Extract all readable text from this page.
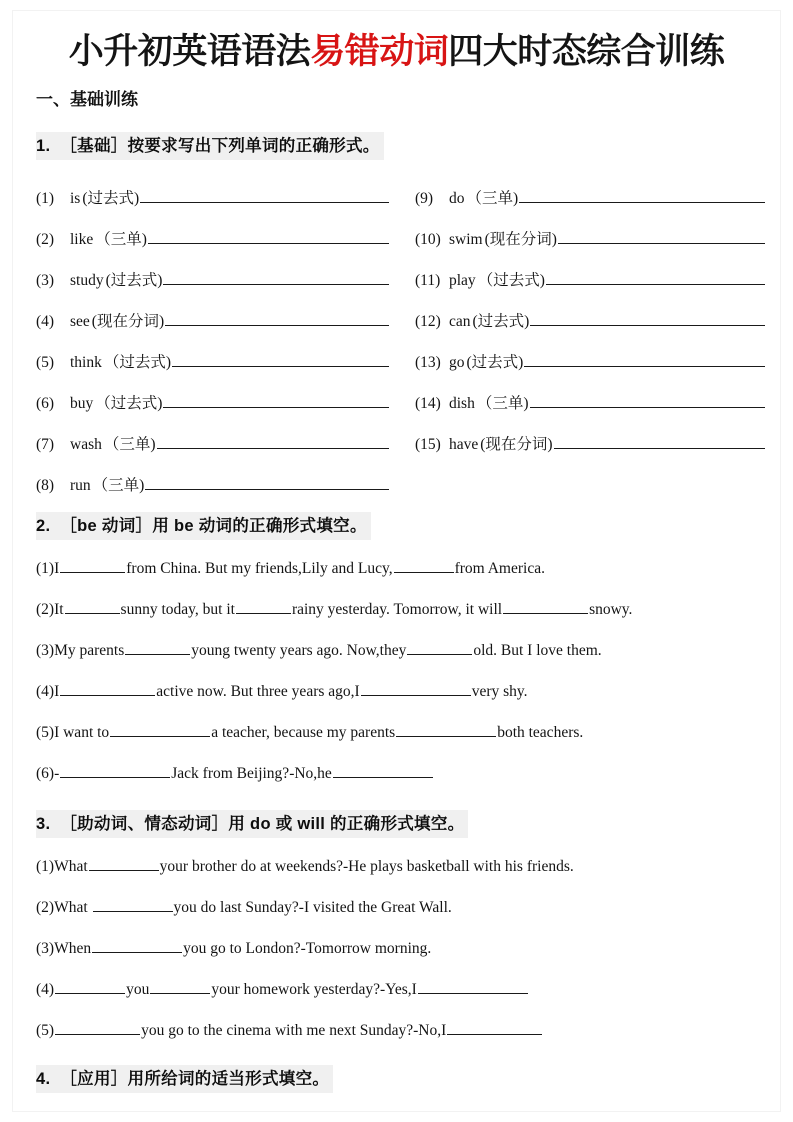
小升初英语语法易错动词四大时态综合训练
一、基础训练
1. ［基础］按要求写出下列单词的正确形式。
(1)	is (过去式)	(9)	do （三单)
(2)	like （三单)	(10) swim (现在分词)
(3)	study (过去式)	(11) play （过去式)
(4)	see (现在分词)	(12) can (过去式)
(5)	think （过去式)	(13) go (过去式)
(6)	buy （过去式)	(14) dish （三单)
(7)	wash （三单)	(15) have (现在分词)
(8)	run （三单)
2. ［be 动词］用 be 动词的正确形式填空。
(1)I	from China. But my friends,Lily and Lucy,	from America.
(2)It	sunny today, but it	rainy yesterday. Tomorrow, it will	snowy.
(3)My parents	young twenty years ago. Now,they	old. But I love them.
(4)I	active now. But three years ago,I	very shy.
(5)I want to	a teacher, because my parents	both teachers.
(6)-	Jack from Beijing?-No,he
3. ［助动词、情态动词］用 do 或 will 的正确形式填空。
(1)What	your brother do at weekends?-He plays basketball with his friends.
(2)What	you do last Sunday?-I visited the Great Wall.
(3)When	you go to London?-Tomorrow morning.
(4)	you	your homework yesterday?-Yes,I
(5)	you go to the cinema with me next Sunday?-No,I
4. ［应用］用所给词的适当形式填空。
